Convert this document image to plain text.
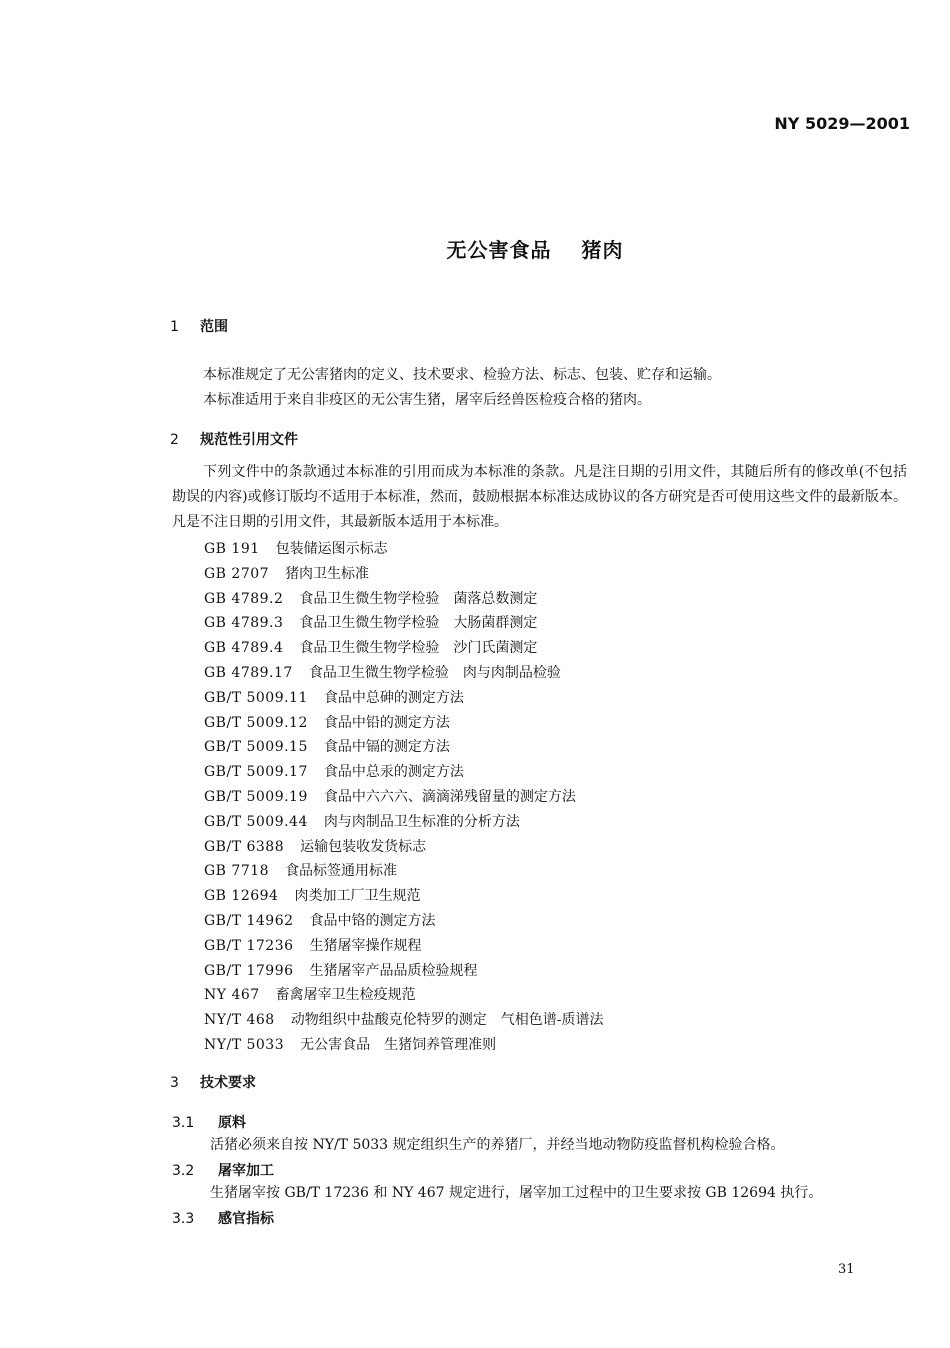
NY 5029—2001
无公害食品 猪肉
1 范围
本标准规定了无公害猪肉的定义、技术要求、检验方法、标志、包装、贮存和运输。
本标准适用于来自非疫区的无公害生猪，屠宰后经兽医检疫合格的猪肉。
2 规范性引用文件
下列文件中的条款通过本标准的引用而成为本标准的条款。凡是注日期的引用文件，其随后所有的修改单(不包括勘误的内容)或修订版均不适用于本标准，然而，鼓励根据本标准达成协议的各方研究是否可使用这些文件的最新版本。凡是不注日期的引用文件，其最新版本适用于本标准。
GB 191 包装储运图示标志
GB 2707 猪肉卫生标准
GB 4789.2 食品卫生微生物学检验　菌落总数测定
GB 4789.3 食品卫生微生物学检验　大肠菌群测定
GB 4789.4 食品卫生微生物学检验　沙门氏菌测定
GB 4789.17 食品卫生微生物学检验　肉与肉制品检验
GB/T 5009.11 食品中总砷的测定方法
GB/T 5009.12 食品中铅的测定方法
GB/T 5009.15 食品中镉的测定方法
GB/T 5009.17 食品中总汞的测定方法
GB/T 5009.19 食品中六六六、滴滴涕残留量的测定方法
GB/T 5009.44 肉与肉制品卫生标准的分析方法
GB/T 6388 运输包装收发货标志
GB 7718 食品标签通用标准
GB 12694 肉类加工厂卫生规范
GB/T 14962 食品中铬的测定方法
GB/T 17236 生猪屠宰操作规程
GB/T 17996 生猪屠宰产品品质检验规程
NY 467 畜禽屠宰卫生检疫规范
NY/T 468 动物组织中盐酸克伦特罗的测定　气相色谱-质谱法
NY/T 5033 无公害食品　生猪饲养管理准则
3 技术要求
3.1 原料
活猪必须来自按 NY/T 5033 规定组织生产的养猪厂，并经当地动物防疫监督机构检验合格。
3.2 屠宰加工
生猪屠宰按 GB/T 17236 和 NY 467 规定进行，屠宰加工过程中的卫生要求按 GB 12694 执行。
3.3 感官指标
31
